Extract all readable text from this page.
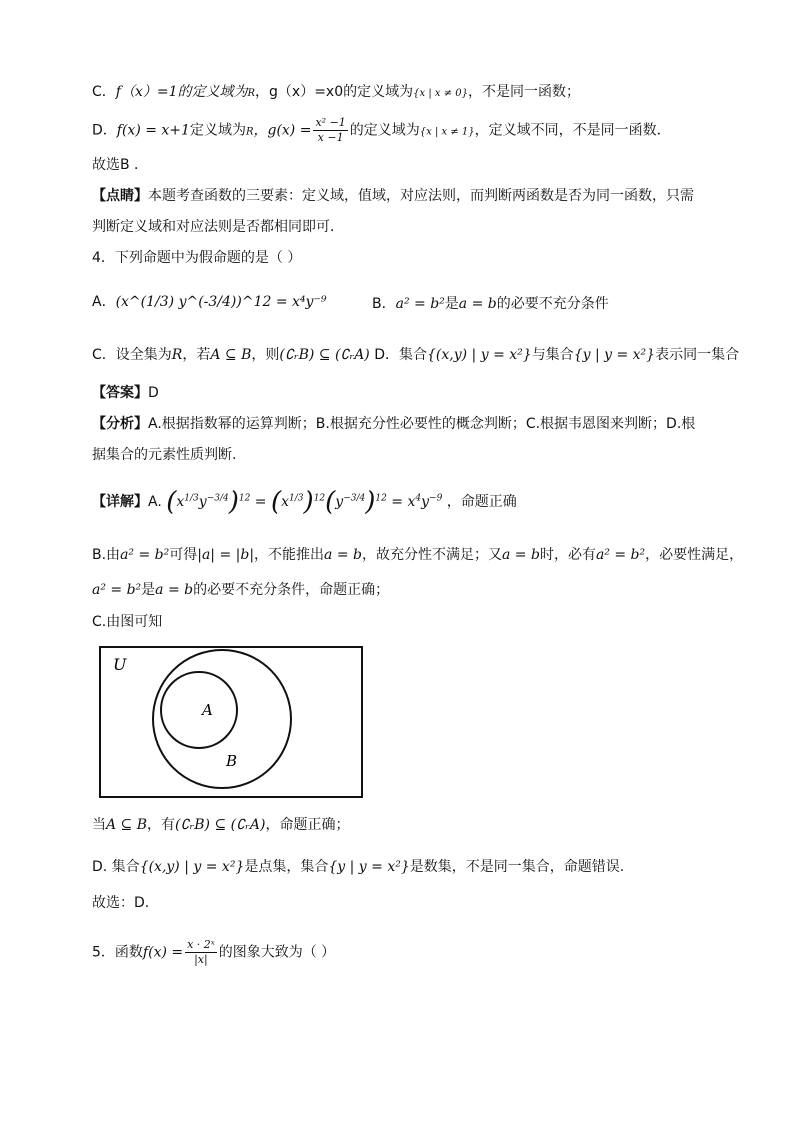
C．f（x）=1的定义域为R，g（x）=x0的定义域为{x | x ≠ 0}，不是同一函数；
D．f(x) = x+1定义域为R，$g(x) = \frac{\text{x² −1}}{x -1}$ 的定义域为{x | x ≠ 1}，定义域不同，不是同一函数．
故选B ．
【点睛】本题考查函数的三要素：定义域，值域，对应法则，而判断两函数是否为同一函数，只需
判断定义域和对应法则是否都相同即可．
4．下列命题中为假命题的是（ ）
A．(x^(1/3) y^(-3/4))^12 = x⁴y⁻⁹	B．a² = b²是a = b的必要不充分条件
C．设全集为R，若A ⊆ B，则(∁ᵣB) ⊆ (∁ᵣA) D．集合{(x,y) | y = x²}与集合{y | y = x²}表示同一集合
【答案】D
【分析】A.根据指数幂的运算判断；B.根据充分性必要性的概念判断；C.根据韦恩图来判断；D.根
据集合的元素性质判断.
【详解】A. $(x^{1/3}y^{-3/4})^{12} = (x^{1/3})^{12}(y^{-3/4})^{12} = x^4y^{-9}$ ，命题正确
B.由a² = b²可得|a| = |b|，不能推出a = b，故充分性不满足；又a = b时，必有a² = b²，必要性满足，
a² = b²是a = b的必要不充分条件，命题正确；
C.由图可知
U
A
B
当A ⊆ B，有(∁ᵣB) ⊆ (∁ᵣA)，命题正确；
D. 集合{(x,y) | y = x²}是点集，集合{y | y = x²}是数集，不是同一集合，命题错误.
故选：D.
5．函数$f(x) = \frac{\text{x · 2ˣ}}{|x|}$ 的图象大致为（ ）
